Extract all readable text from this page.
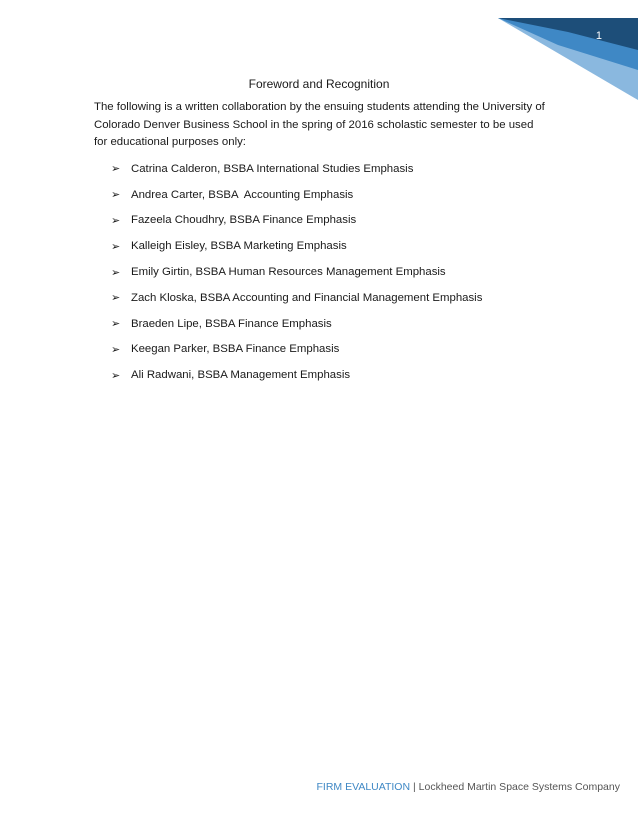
1
Foreword and Recognition
The following is a written collaboration by the ensuing students attending the University of Colorado Denver Business School in the spring of 2016 scholastic semester to be used for educational purposes only:
➢ Catrina Calderon, BSBA International Studies Emphasis
➢ Andrea Carter, BSBA  Accounting Emphasis
➢ Fazeela Choudhry, BSBA Finance Emphasis
➢ Kalleigh Eisley, BSBA Marketing Emphasis
➢ Emily Girtin, BSBA Human Resources Management Emphasis
➢ Zach Kloska, BSBA Accounting and Financial Management Emphasis
➢ Braeden Lipe, BSBA Finance Emphasis
➢ Keegan Parker, BSBA Finance Emphasis
➢ Ali Radwani, BSBA Management Emphasis
FIRM EVALUATION | Lockheed Martin Space Systems Company
